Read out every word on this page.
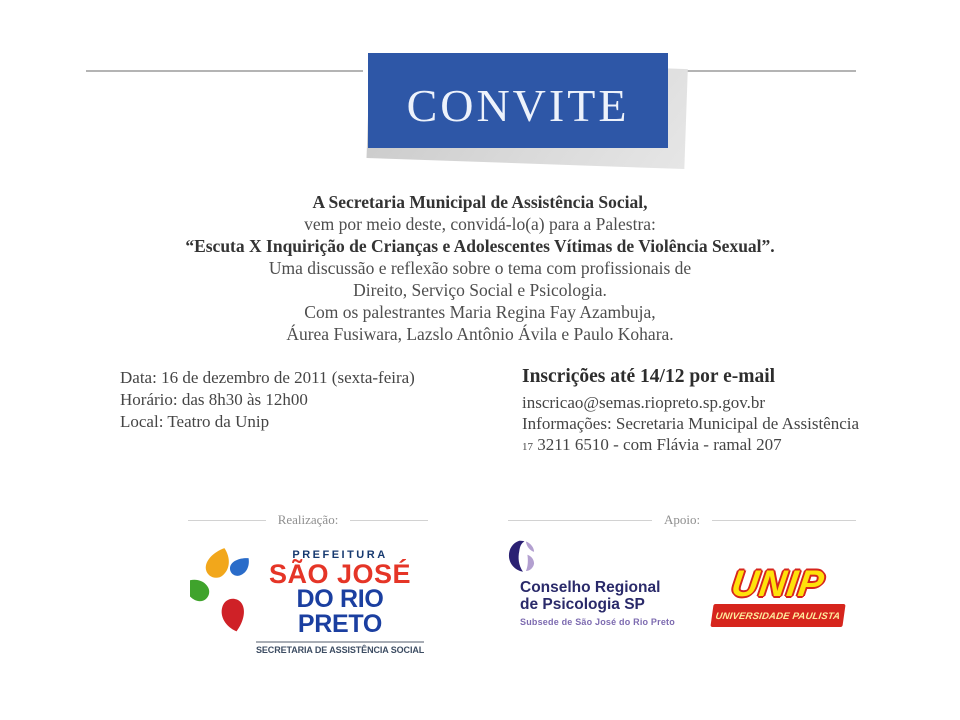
CONVITE
A Secretaria Municipal de Assistência Social,
vem por meio deste, convidá-lo(a) para a Palestra:
“Escuta X Inquirição de Crianças e Adolescentes Vítimas de Violência Sexual”.
Uma discussão e reflexão sobre o tema com profissionais de
Direito, Serviço Social e Psicologia.
Com os palestrantes Maria Regina Fay Azambuja,
Áurea Fusiwara, Lazslo Antônio Ávila e Paulo Kohara.
Data: 16 de dezembro de 2011 (sexta-feira)
Horário: das 8h30 às 12h00
Local: Teatro da Unip
Inscrições até 14/12 por e-mail
inscricao@semas.riopreto.sp.gov.br
Informações: Secretaria Municipal de Assistência
17 3211 6510 - com Flávia - ramal 207
Realização:	Apoio:
PREFEITURA
SÃO JOSÉ
DO RIO PRETO
SECRETARIA DE ASSISTÊNCIA SOCIAL
Conselho Regional
de Psicologia SP
Subsede de São José do Rio Preto
UNIP
UNIVERSIDADE PAULISTA
